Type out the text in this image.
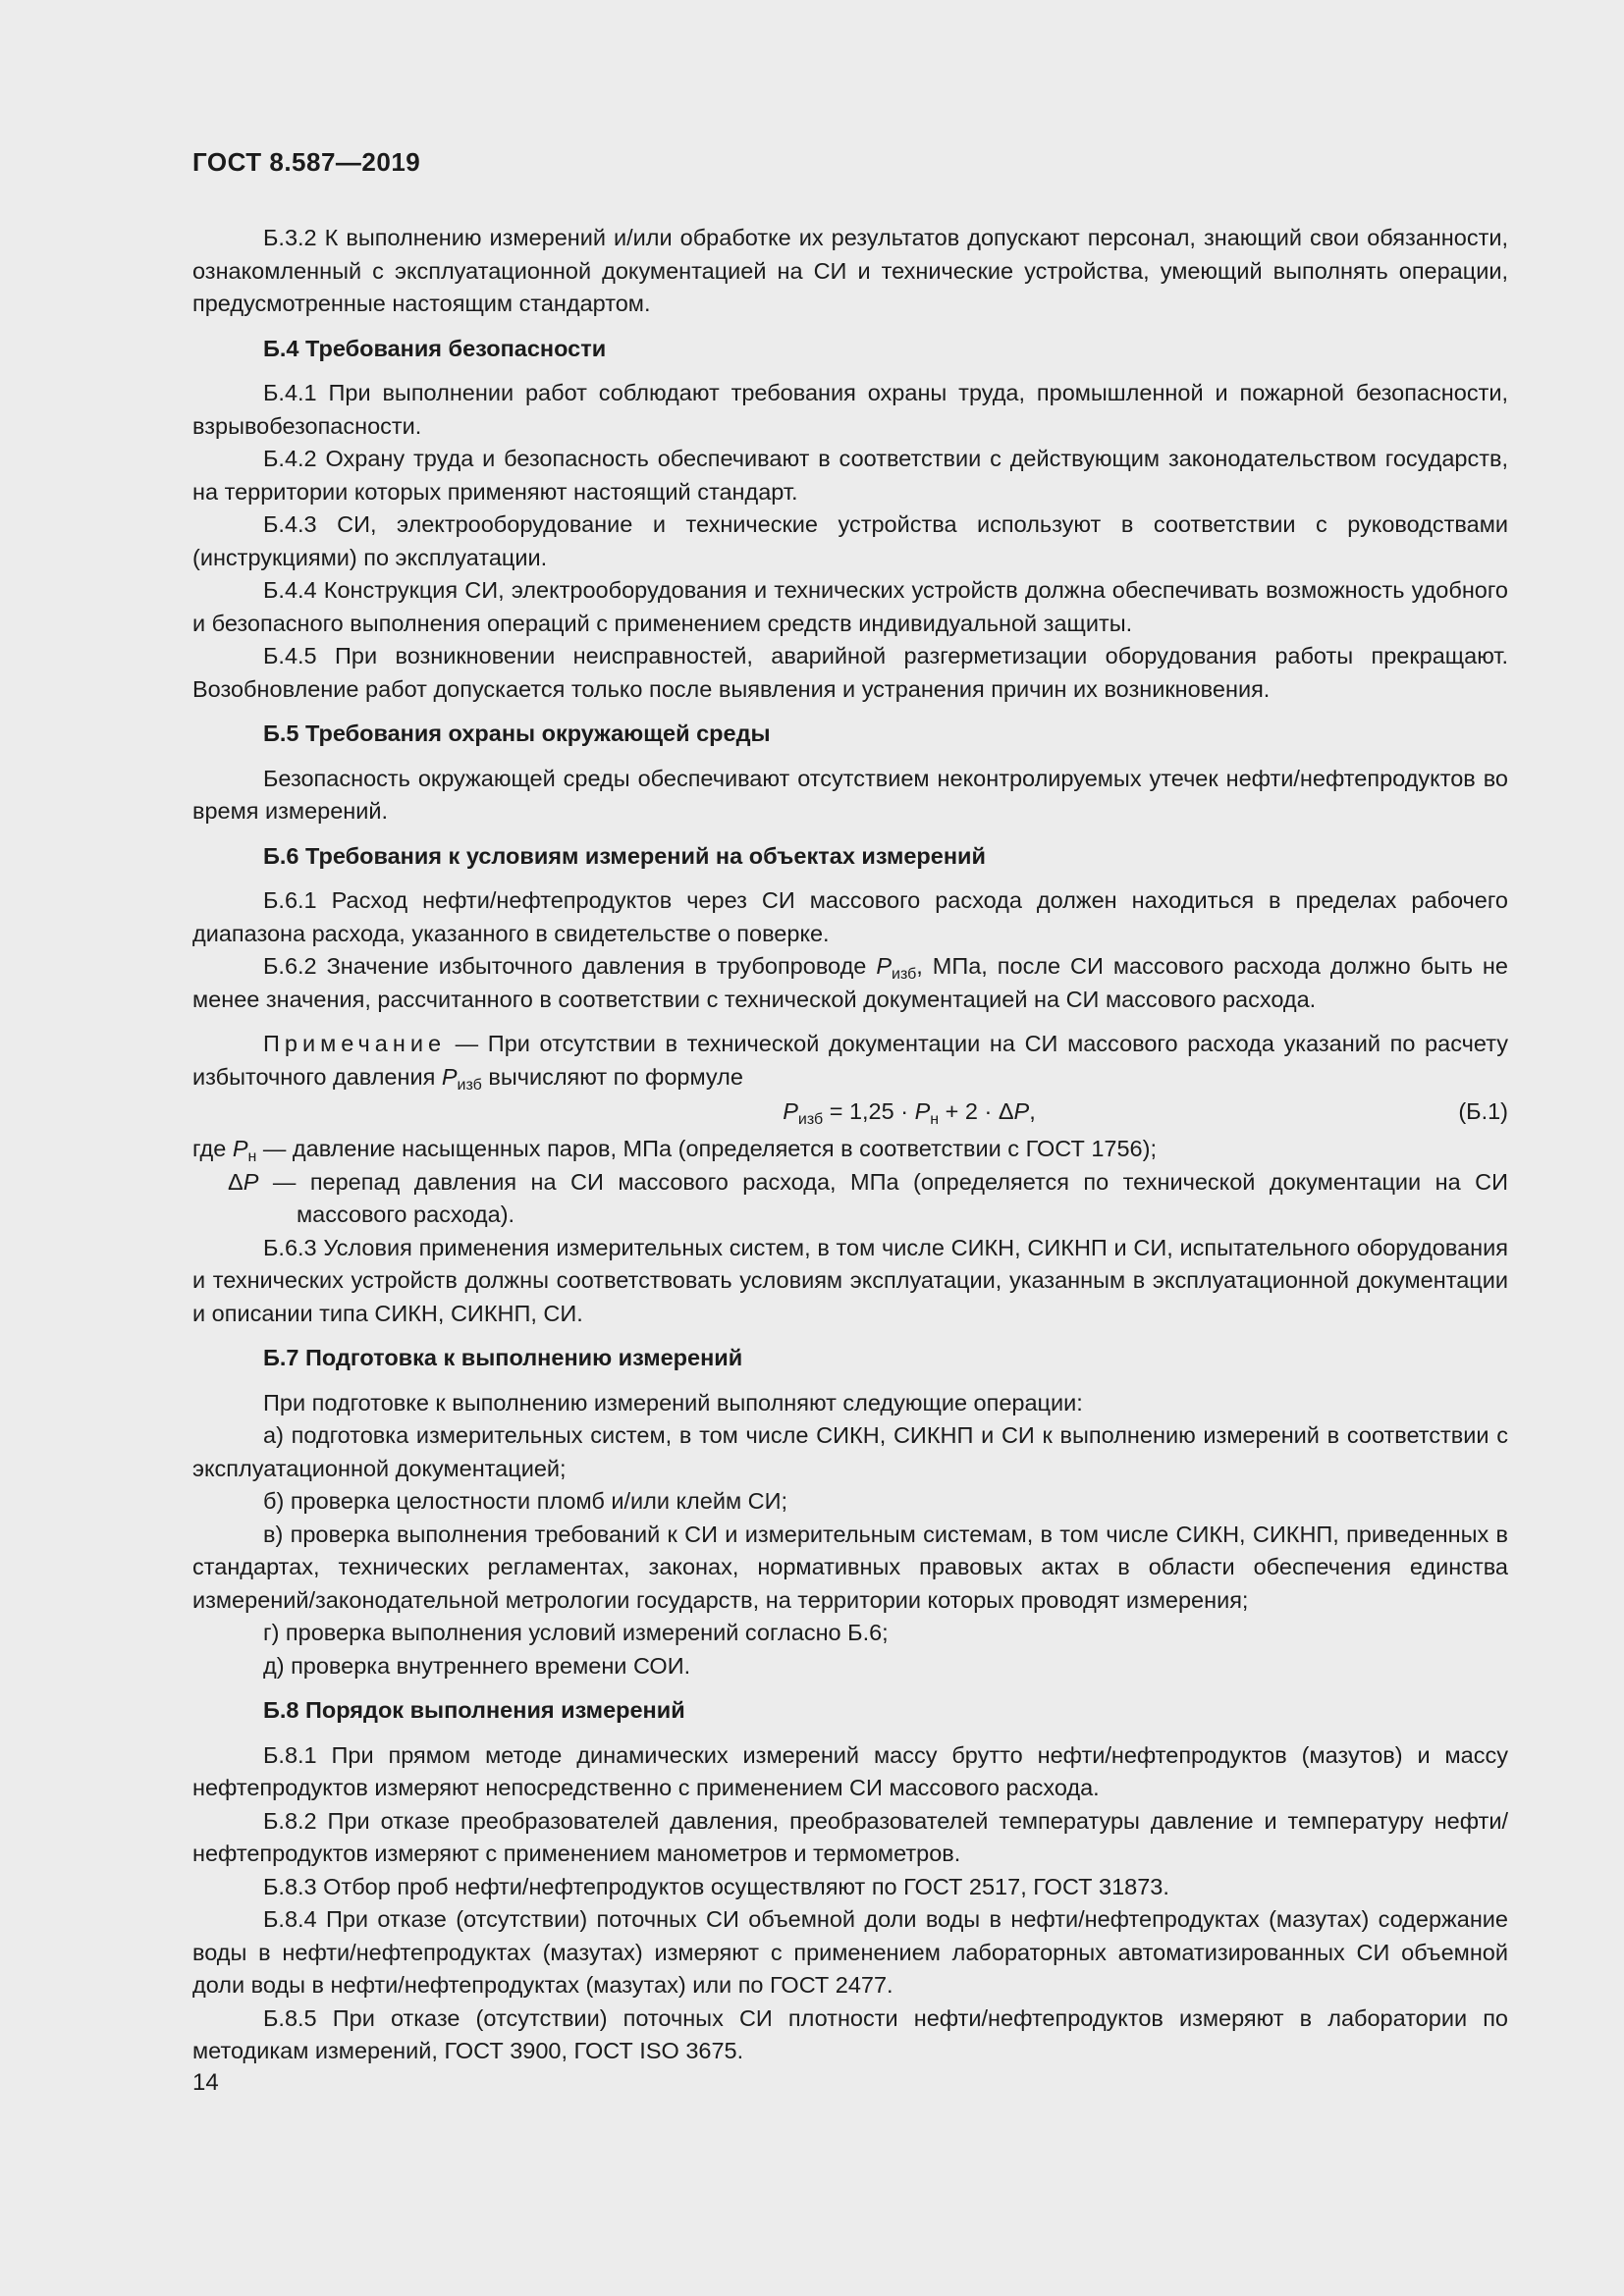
ГОСТ 8.587—2019

Б.3.2 К выполнению измерений и/или обработке их результатов допускают персонал, знающий свои обязанности, ознакомленный с эксплуатационной документацией на СИ и технические устройства, умеющий выполнять операции, предусмотренные настоящим стандартом.

Б.4 Требования безопасности

Б.4.1 При выполнении работ соблюдают требования охраны труда, промышленной и пожарной безопасности, взрывобезопасности.

Б.4.2 Охрану труда и безопасность обеспечивают в соответствии с действующим законодательством государств, на территории которых применяют настоящий стандарт.

Б.4.3 СИ, электрооборудование и технические устройства используют в соответствии с руководствами (инструкциями) по эксплуатации.

Б.4.4 Конструкция СИ, электрооборудования и технических устройств должна обеспечивать возможность удобного и безопасного выполнения операций с применением средств индивидуальной защиты.

Б.4.5 При возникновении неисправностей, аварийной разгерметизации оборудования работы прекращают. Возобновление работ допускается только после выявления и устранения причин их возникновения.

Б.5 Требования охраны окружающей среды

Безопасность окружающей среды обеспечивают отсутствием неконтролируемых утечек нефти/нефтепродуктов во время измерений.

Б.6 Требования к условиям измерений на объектах измерений

Б.6.1 Расход нефти/нефтепродуктов через СИ массового расхода должен находиться в пределах рабочего диапазона расхода, указанного в свидетельстве о поверке.

Б.6.2 Значение избыточного давления в трубопроводе $P_{изб}$, МПа, после СИ массового расхода должно быть не менее значения, рассчитанного в соответствии с технической документацией на СИ массового расхода.

Примечание — При отсутствии в технической документации на СИ массового расхода указаний по расчету избыточного давления $P_{изб}$ вычисляют по формуле

$P_{изб} = 1,25 \cdot P_н + 2 \cdot \Delta P$,	(Б.1)

где $P_н$ — давление насыщенных паров, МПа (определяется в соответствии с ГОСТ 1756);

ΔP — перепад давления на СИ массового расхода, МПа (определяется по технической документации на СИ массового расхода).

Б.6.3 Условия применения измерительных систем, в том числе СИКН, СИКНП и СИ, испытательного оборудования и технических устройств должны соответствовать условиям эксплуатации, указанным в эксплуатационной документации и описании типа СИКН, СИКНП, СИ.

Б.7 Подготовка к выполнению измерений

При подготовке к выполнению измерений выполняют следующие операции:

а) подготовка измерительных систем, в том числе СИКН, СИКНП и СИ к выполнению измерений в соответствии с эксплуатационной документацией;

б) проверка целостности пломб и/или клейм СИ;

в) проверка выполнения требований к СИ и измерительным системам, в том числе СИКН, СИКНП, приведенных в стандартах, технических регламентах, законах, нормативных правовых актах в области обеспечения единства измерений/законодательной метрологии государств, на территории которых проводят измерения;

г) проверка выполнения условий измерений согласно Б.6;

д) проверка внутреннего времени СОИ.

Б.8 Порядок выполнения измерений

Б.8.1 При прямом методе динамических измерений массу брутто нефти/нефтепродуктов (мазутов) и массу нефтепродуктов измеряют непосредственно с применением СИ массового расхода.

Б.8.2 При отказе преобразователей давления, преобразователей температуры давление и температуру нефти/нефтепродуктов измеряют с применением манометров и термометров.

Б.8.3 Отбор проб нефти/нефтепродуктов осуществляют по ГОСТ 2517, ГОСТ 31873.

Б.8.4 При отказе (отсутствии) поточных СИ объемной доли воды в нефти/нефтепродуктах (мазутах) содержание воды в нефти/нефтепродуктах (мазутах) измеряют с применением лабораторных автоматизированных СИ объемной доли воды в нефти/нефтепродуктах (мазутах) или по ГОСТ 2477.

Б.8.5 При отказе (отсутствии) поточных СИ плотности нефти/нефтепродуктов измеряют в лаборатории по методикам измерений, ГОСТ 3900, ГОСТ ISO 3675.

14
